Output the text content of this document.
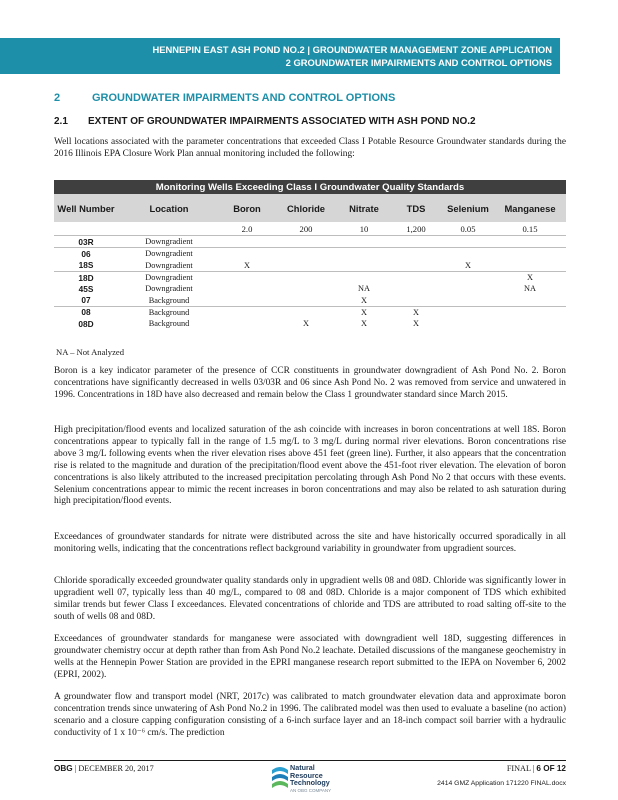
HENNEPIN EAST ASH POND NO.2 | GROUNDWATER MANAGEMENT ZONE APPLICATION
2 GROUNDWATER IMPAIRMENTS AND CONTROL OPTIONS
2	GROUNDWATER IMPAIRMENTS AND CONTROL OPTIONS
2.1 EXTENT OF GROUNDWATER IMPAIRMENTS ASSOCIATED WITH ASH POND NO.2

Well locations associated with the parameter concentrations that exceeded Class I Potable Resource Groundwater standards during the 2016 Illinois EPA Closure Work Plan annual monitoring included the following:

Monitoring Wells Exceeding Class I Groundwater Quality Standards							
Well Number	Location	Boron	Chloride	Nitrate	TDS	Selenium	Manganese
		2.0	200	10	1,200	0.05	0.15
03R	Downgradient						
06	Downgradient						
18S	Downgradient	X				X	
18D	Downgradient						X
45S	Downgradient			NA			NA
07	Background			X			
08	Background			X	X		
08D	Background		X	X	X		
NA – Not Analyzed

Boron is a key indicator parameter of the presence of CCR constituents in groundwater downgradient of Ash Pond No. 2. Boron concentrations have significantly decreased in wells 03/03R and 06 since Ash Pond No. 2 was removed from service and unwatered in 1996. Concentrations in 18D have also decreased and remain below the Class 1 groundwater standard since March 2015.

High precipitation/flood events and localized saturation of the ash coincide with increases in boron concentrations at well 18S. Boron concentrations appear to typically fall in the range of 1.5 mg/L to 3 mg/L during normal river elevations. Boron concentrations rise above 3 mg/L following events when the river elevation rises above 451 feet (green line). Further, it also appears that the concentration rise is related to the magnitude and duration of the precipitation/flood event above the 451-foot river elevation. The elevation of boron concentrations is also likely attributed to the increased precipitation percolating through Ash Pond No 2 that occurs with these events. Selenium concentrations appear to mimic the recent increases in boron concentrations and may also be related to ash saturation during high precipitation/flood events.

Exceedances of groundwater standards for nitrate were distributed across the site and have historically occurred sporadically in all monitoring wells, indicating that the concentrations reflect background variability in groundwater from upgradient sources.

Chloride sporadically exceeded groundwater quality standards only in upgradient wells 08 and 08D. Chloride was significantly lower in upgradient well 07, typically less than 40 mg/L, compared to 08 and 08D. Chloride is a major component of TDS which exhibited similar trends but fewer Class I exceedances. Elevated concentrations of chloride and TDS are attributed to road salting off-site to the south of wells 08 and 08D.

Exceedances of groundwater standards for manganese were associated with downgradient well 18D, suggesting differences in groundwater chemistry occur at depth rather than from Ash Pond No.2 leachate. Detailed discussions of the manganese geochemistry in wells at the Hennepin Power Station are provided in the EPRI manganese research report submitted to the IEPA on November 6, 2002 (EPRI, 2002).

A groundwater flow and transport model (NRT, 2017c) was calibrated to match groundwater elevation data and approximate boron concentration trends since unwatering of Ash Pond No.2 in 1996. The calibrated model was then used to evaluate a baseline (no action) scenario and a closure capping configuration consisting of a 6-inch surface layer and an 18-inch compact soil barrier with a hydraulic conductivity of 1 x 10⁻⁶ cm/s. The prediction

OBG | DECEMBER 20, 2017	Natural
Resource
Technology
AN OBG COMPANY
FINAL | 6 OF 12
2414 GMZ Application 171220 FINAL.docx
